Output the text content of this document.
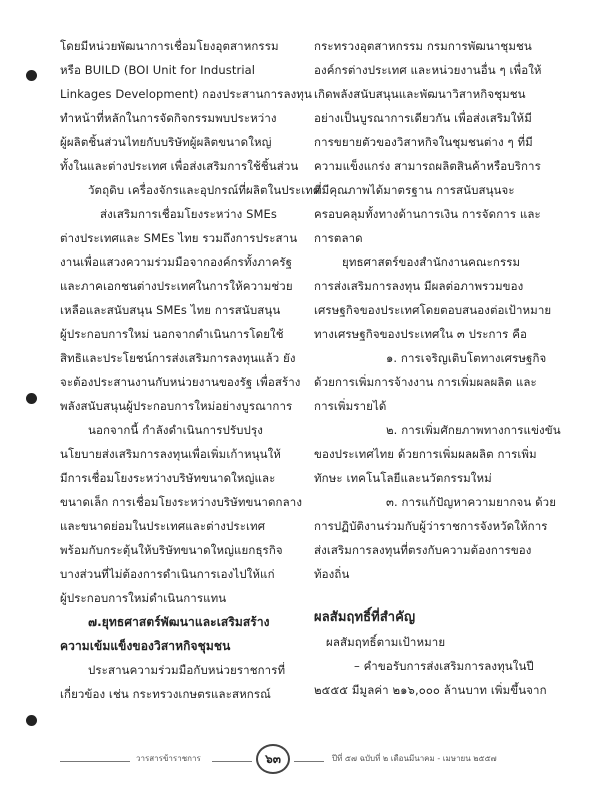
โดยมีหน่วยพัฒนาการเชื่อมโยงอุตสาหกรรม
หรือ BUILD (BOI Unit for Industrial
Linkages Development) กองประสานการลงทุน
ทำหน้าที่หลักในการจัดกิจกรรมพบประหว่าง
ผู้ผลิตชิ้นส่วนไทยกับบริษัทผู้ผลิตขนาดใหญ่
ทั้งในและต่างประเทศ เพื่อส่งเสริมการใช้ชิ้นส่วน
วัตถุดิบ เครื่องจักรและอุปกรณ์ที่ผลิตในประเทศ
ส่งเสริมการเชื่อมโยงระหว่าง SMEs
ต่างประเทศและ SMEs ไทย รวมถึงการประสาน
งานเพื่อแสวงความร่วมมือจากองค์กรทั้งภาครัฐ
และภาคเอกชนต่างประเทศในการให้ความช่วย
เหลือและสนับสนุน SMEs ไทย การสนับสนุน
ผู้ประกอบการใหม่ นอกจากดำเนินการโดยใช้
สิทธิและประโยชน์การส่งเสริมการลงทุนแล้ว ยัง
จะต้องประสานงานกับหน่วยงานของรัฐ เพื่อสร้าง
พลังสนับสนุนผู้ประกอบการใหม่อย่างบูรณาการ
นอกจากนี้ กำลังดำเนินการปรับปรุง
นโยบายส่งเสริมการลงทุนเพื่อเพิ่มเก้าหนุนให้
มีการเชื่อมโยงระหว่างบริษัทขนาดใหญ่และ
ขนาดเล็ก การเชื่อมโยงระหว่างบริษัทขนาดกลาง
และขนาดย่อมในประเทศและต่างประเทศ
พร้อมกับกระตุ้นให้บริษัทขนาดใหญ่แยกธุรกิจ
บางส่วนที่ไม่ต้องการดำเนินการเองไปให้แก่
ผู้ประกอบการใหม่ดำเนินการแทน
๗.ยุทธศาสตร์พัฒนาและเสริมสร้าง
ความเข้มแข็งของวิสาหกิจชุมชน
ประสานความร่วมมือกับหน่วยราชการที่
เกี่ยวข้อง เช่น กระทรวงเกษตรและสหกรณ์
กระทรวงอุตสาหกรรม กรมการพัฒนาชุมชน
องค์กรต่างประเทศ และหน่วยงานอื่น ๆ เพื่อให้
เกิดพลังสนับสนุนและพัฒนาวิสาหกิจชุมชน
อย่างเป็นบูรณาการเดียวกัน เพื่อส่งเสริมให้มี
การขยายตัวของวิสาหกิจในชุมชนต่าง ๆ ที่มี
ความแข็งแกร่ง สามารถผลิตสินค้าหรือบริการ
ที่มีคุณภาพได้มาตรฐาน การสนับสนุนจะ
ครอบคลุมทั้งทางด้านการเงิน การจัดการ และ
การตลาด
ยุทธศาสตร์ของสำนักงานคณะกรรม
การส่งเสริมการลงทุน มีผลต่อภาพรวมของ
เศรษฐกิจของประเทศโดยตอบสนองต่อเป้าหมาย
ทางเศรษฐกิจของประเทศใน ๓ ประการ คือ
๑. การเจริญเติบโตทางเศรษฐกิจ
ด้วยการเพิ่มการจ้างงาน การเพิ่มผลผลิต และ
การเพิ่มรายได้
๒. การเพิ่มศักยภาพทางการแข่งขัน
ของประเทศไทย ด้วยการเพิ่มผลผลิต การเพิ่ม
ทักษะ เทคโนโลยีและนวัตกรรมใหม่
๓. การแก้ปัญหาความยากจน ด้วย
การปฏิบัติงานร่วมกับผู้ว่าราชการจังหวัดให้การ
ส่งเสริมการลงทุนที่ตรงกับความต้องการของ
ท้องถิ่น
ผลสัมฤทธิ์ที่สำคัญ
ผลสัมฤทธิ์ตามเป้าหมาย
– คำขอรับการส่งเสริมการลงทุนในปี
๒๕๕๕ มีมูลค่า ๒๑๖,๐๐๐ ล้านบาท เพิ่มขึ้นจาก
วารสารข้าราชการ	๖๓	ปีที่ ๕๗ ฉบับที่ ๒ เดือนมีนาคม - เมษายน ๒๕๕๗
